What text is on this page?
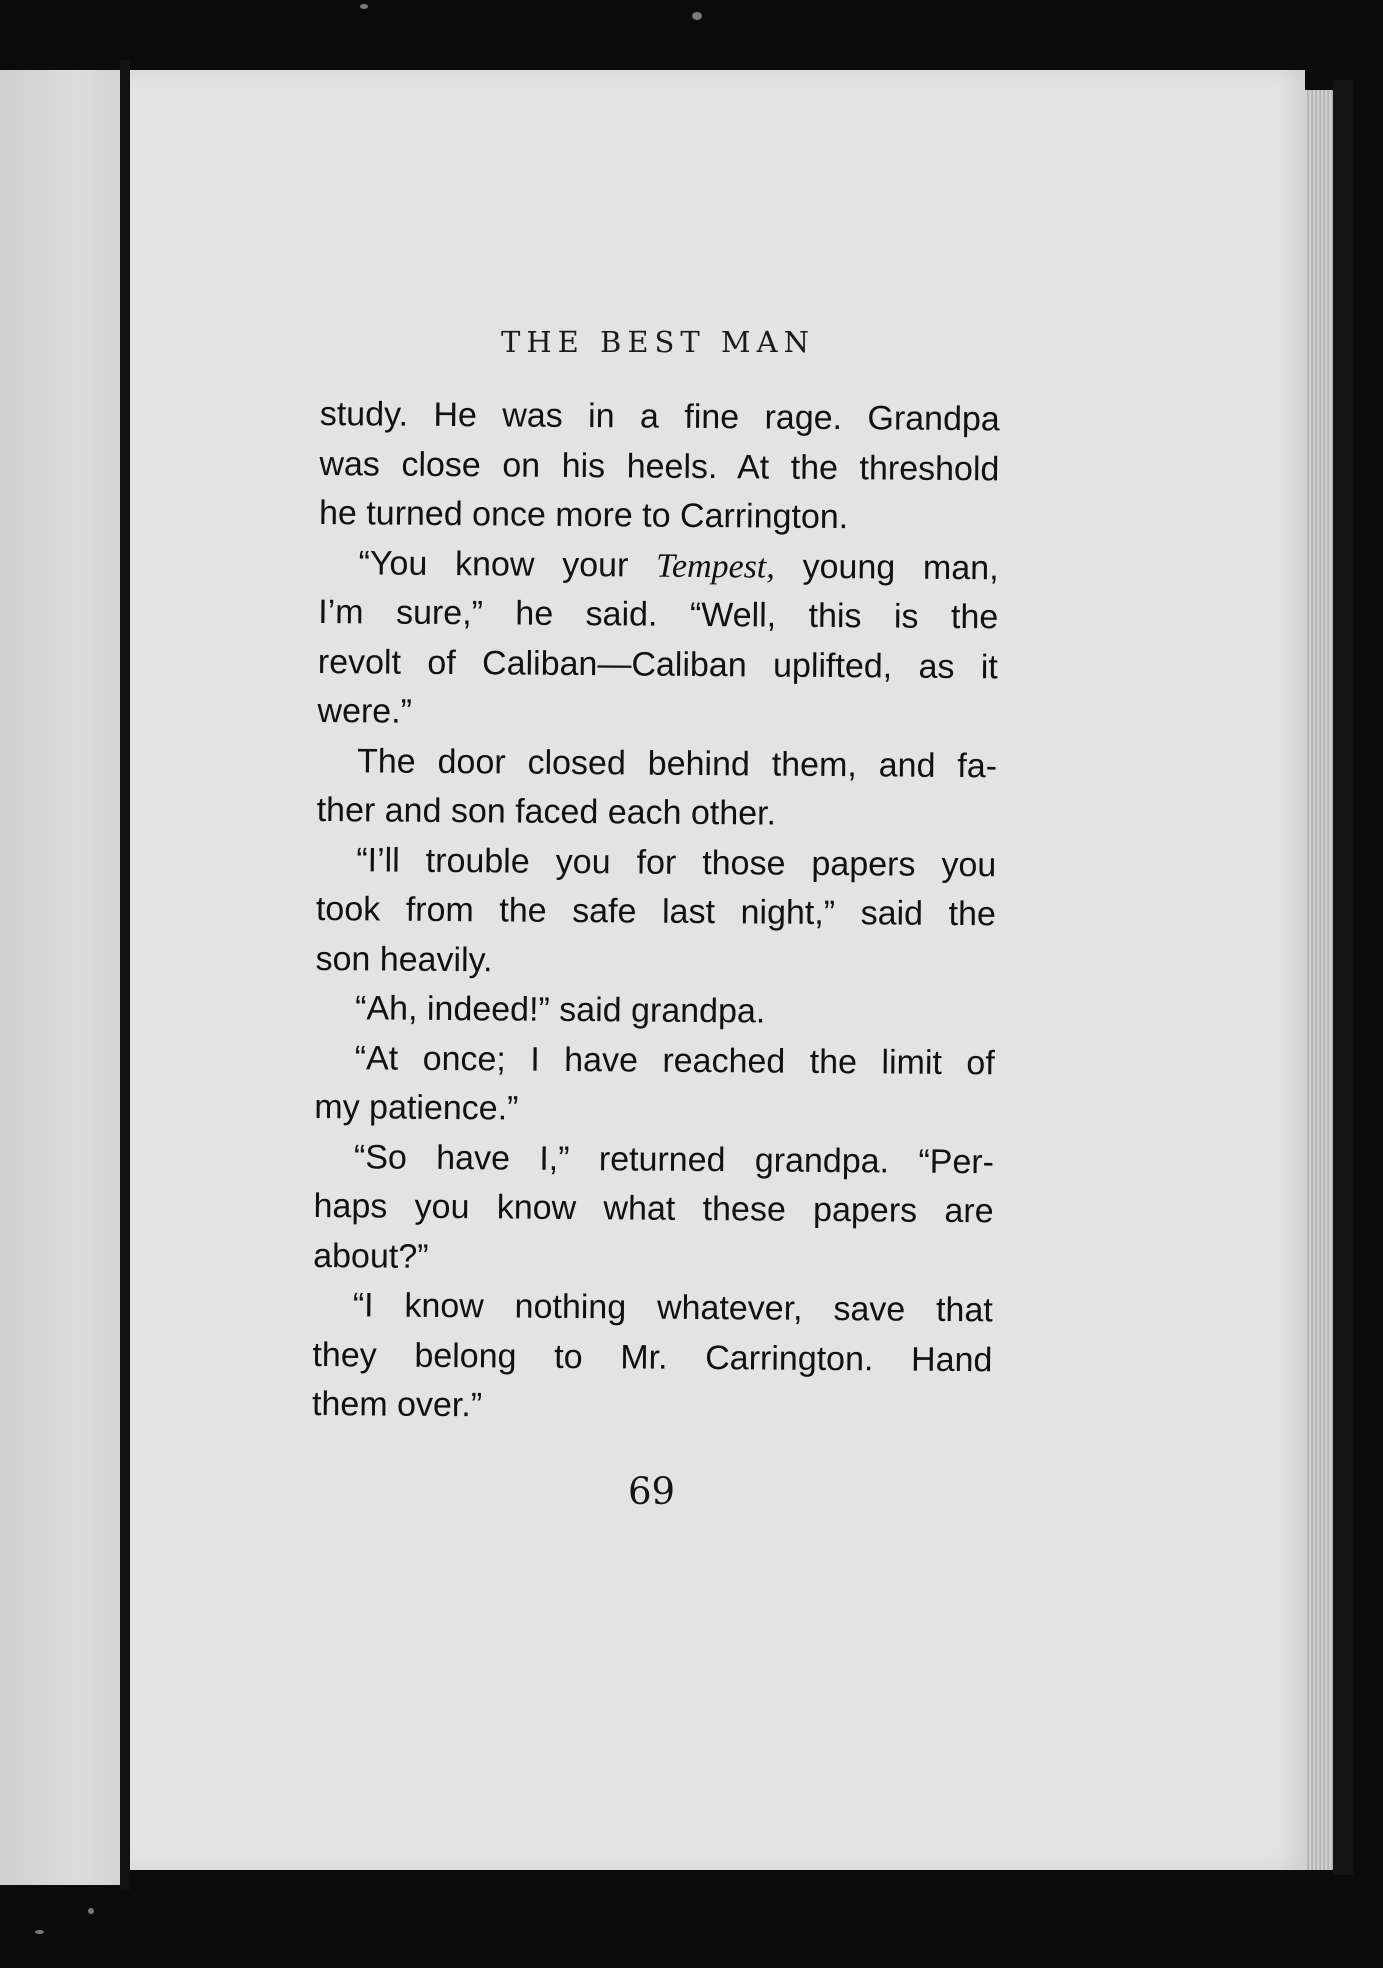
THE BEST MAN
study. He was in a fine rage. Grandpa
was close on his heels. At the threshold
he turned once more to Carrington.
“You know your Tempest, young man,
I’m sure,” he said. “Well, this is the
revolt of Caliban—Caliban uplifted, as it
were.”
The door closed behind them, and fa-
ther and son faced each other.
“I’ll trouble you for those papers you
took from the safe last night,” said the
son heavily.
“Ah, indeed!” said grandpa.
“At once; I have reached the limit of
my patience.”
“So have I,” returned grandpa. “Per-
haps you know what these papers are
about?”
“I know nothing whatever, save that
they belong to Mr. Carrington. Hand
them over.”
69
